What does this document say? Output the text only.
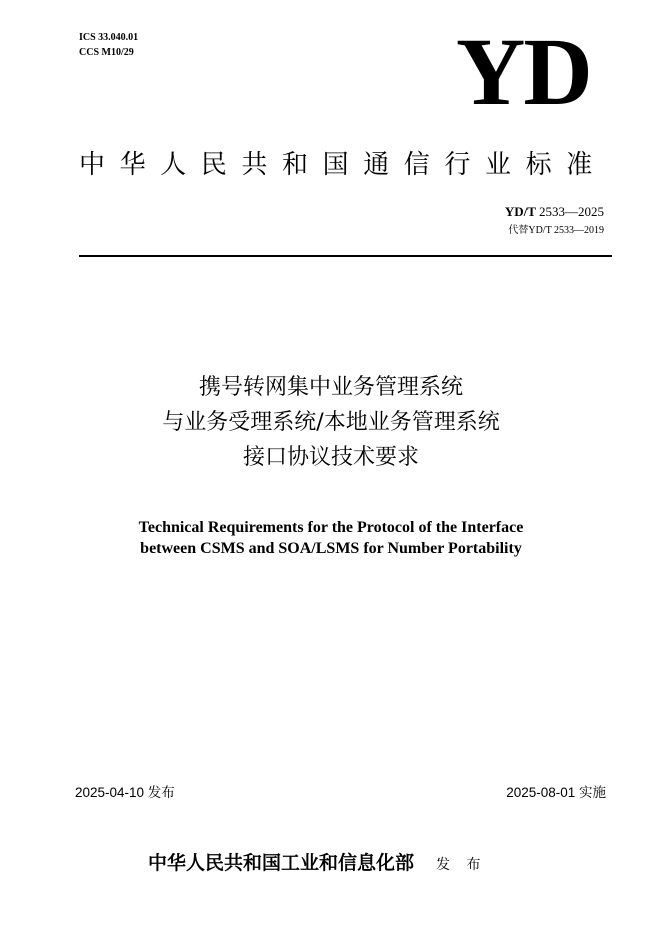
ICS 33.040.01
CCS M10/29	YD
中华人民共和国通信行业标准
YD/T 2533—2025
代替YD/T 2533—2019
携号转网集中业务管理系统
与业务受理系统/本地业务管理系统
接口协议技术要求
Technical Requirements for the Protocol of the Interface
between CSMS and SOA/LSMS for Number Portability
2025-04-10 发布	2025-08-01 实施
中华人民共和国工业和信息化部 发 布
